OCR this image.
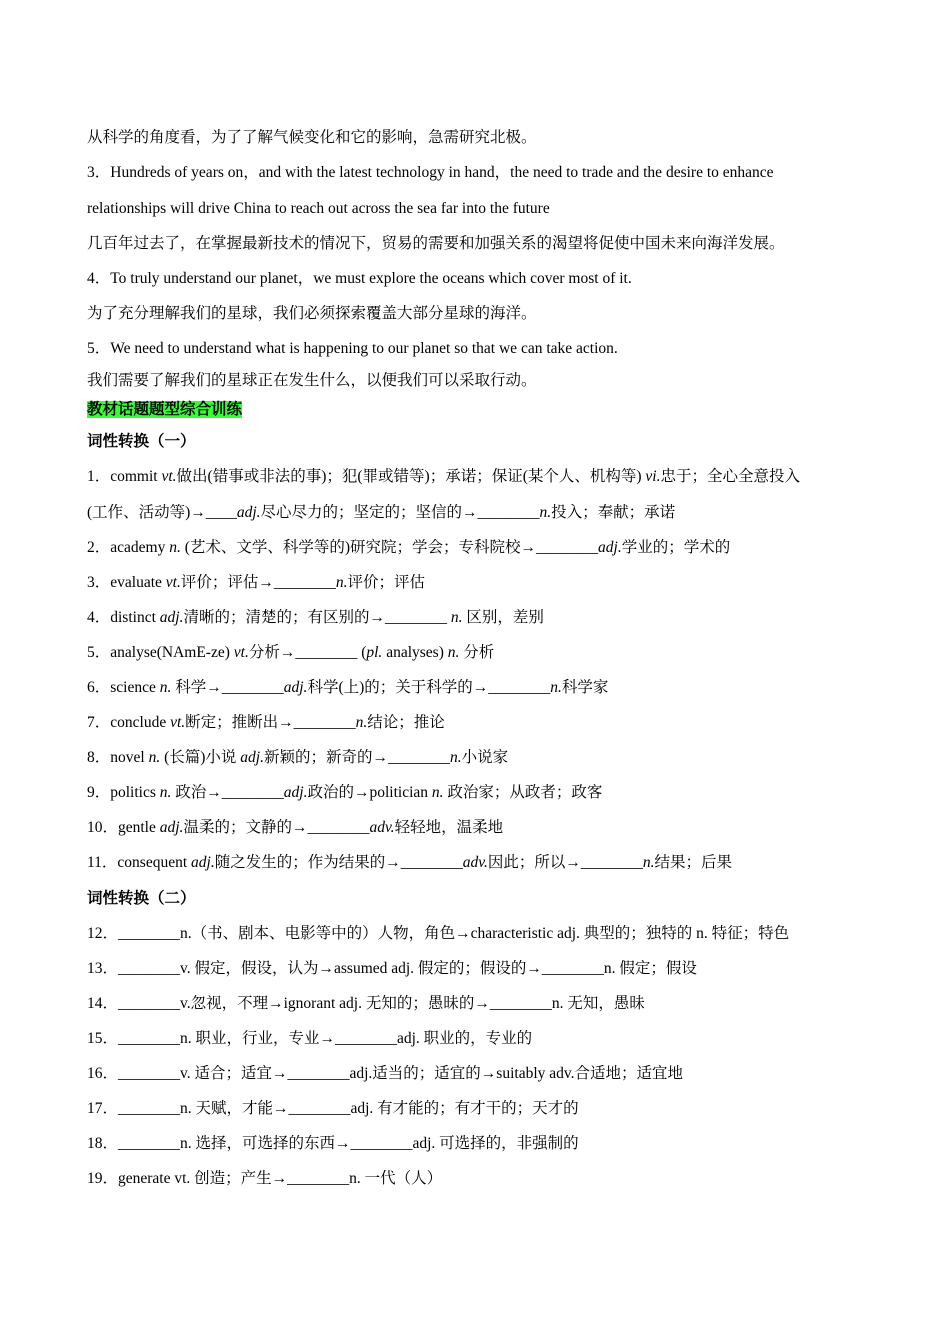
从科学的角度看，为了了解气候变化和它的影响，急需研究北极。
3．Hundreds of years on，and with the latest technology in hand，the need to trade and the desire to enhance
relationships will drive China to reach out across the sea far into the future
几百年过去了，在掌握最新技术的情况下，贸易的需要和加强关系的渴望将促使中国未来向海洋发展。
4．To truly understand our planet，we must explore the oceans which cover most of it.
为了充分理解我们的星球，我们必须探索覆盖大部分星球的海洋。
5．We need to understand what is happening to our planet so that we can take action.
我们需要了解我们的星球正在发生什么，以便我们可以采取行动。
教材话题题型综合训练
词性转换（一）
1．commit vt.做出(错事或非法的事)；犯(罪或错等)；承诺；保证(某个人、机构等) vi.忠于；全心全意投入
(工作、活动等)→____adj.尽心尽力的；坚定的；坚信的→________n.投入；奉献；承诺
2．academy n. (艺术、文学、科学等的)研究院；学会；专科院校→________adj.学业的；学术的
3．evaluate vt.评价；评估→________n.评价；评估
4．distinct adj.清晰的；清楚的；有区别的→________ n. 区别，差别
5．analyse(NAmE-ze) vt.分析→________ (pl. analyses) n. 分析
6．science n. 科学→________adj.科学(上)的；关于科学的→________n.科学家
7．conclude vt.断定；推断出→________n.结论；推论
8．novel n. (长篇)小说 adj.新颖的；新奇的→________n.小说家
9．politics n. 政治→________adj.政治的→politician n. 政治家；从政者；政客
10．gentle adj.温柔的；文静的→________adv.轻轻地，温柔地
11．consequent adj.随之发生的；作为结果的→________adv.因此；所以→________n.结果；后果
词性转换（二）
12．________n.（书、剧本、电影等中的）人物，角色→characteristic adj. 典型的；独特的 n. 特征；特色
13．________v. 假定，假设，认为→assumed adj. 假定的；假设的→________n. 假定；假设
14．________v.忽视，不理→ignorant adj. 无知的；愚昧的→________n. 无知，愚昧
15．________n. 职业，行业，专业→________adj. 职业的，专业的
16．________v. 适合；适宜→________adj.适当的；适宜的→suitably adv.合适地；适宜地
17．________n. 天赋，才能→________adj. 有才能的；有才干的；天才的
18．________n. 选择，可选择的东西→________adj. 可选择的，非强制的
19．generate vt. 创造；产生→________n. 一代（人）
